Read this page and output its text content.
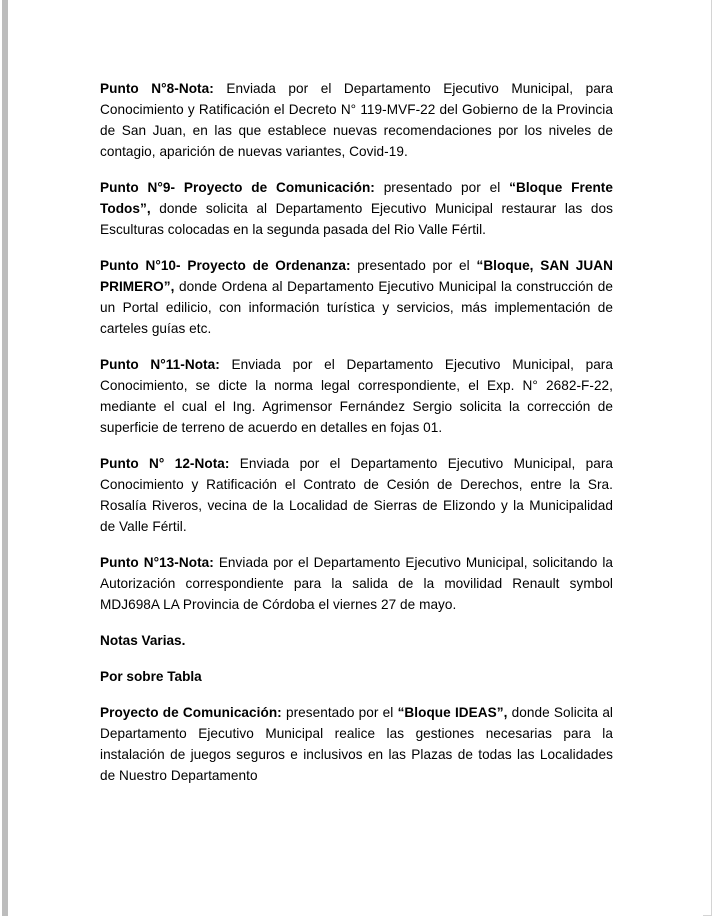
Punto N°8-Nota: Enviada por el Departamento Ejecutivo Municipal, para Conocimiento y Ratificación el Decreto N° 119-MVF-22 del Gobierno de la Provincia de San Juan, en las que establece nuevas recomendaciones por los niveles de contagio, aparición de nuevas variantes, Covid-19.

Punto N°9- Proyecto de Comunicación: presentado por el “Bloque Frente Todos”, donde solicita al Departamento Ejecutivo Municipal restaurar las dos Esculturas colocadas en la segunda pasada del Rio Valle Fértil.

Punto N°10- Proyecto de Ordenanza: presentado por el “Bloque, SAN JUAN PRIMERO”, donde Ordena al Departamento Ejecutivo Municipal la construcción de un Portal edilicio, con información turística y servicios, más implementación de carteles guías etc.

Punto N°11-Nota: Enviada por el Departamento Ejecutivo Municipal, para Conocimiento, se dicte la norma legal correspondiente, el Exp. N° 2682-F-22, mediante el cual el Ing. Agrimensor Fernández Sergio solicita la corrección de superficie de terreno de acuerdo en detalles en fojas 01.

Punto N° 12-Nota: Enviada por el Departamento Ejecutivo Municipal, para Conocimiento y Ratificación el Contrato de Cesión de Derechos, entre la Sra. Rosalía Riveros, vecina de la Localidad de Sierras de Elizondo y la Municipalidad de Valle Fértil.

Punto N°13-Nota: Enviada por el Departamento Ejecutivo Municipal, solicitando la Autorización correspondiente para la salida de la movilidad Renault symbol MDJ698A LA Provincia de Córdoba el viernes 27 de mayo.

Notas Varias.

Por sobre Tabla

Proyecto de Comunicación: presentado por el “Bloque IDEAS”, donde Solicita al Departamento Ejecutivo Municipal realice las gestiones necesarias para la instalación de juegos seguros e inclusivos en las Plazas de todas las Localidades de Nuestro Departamento
